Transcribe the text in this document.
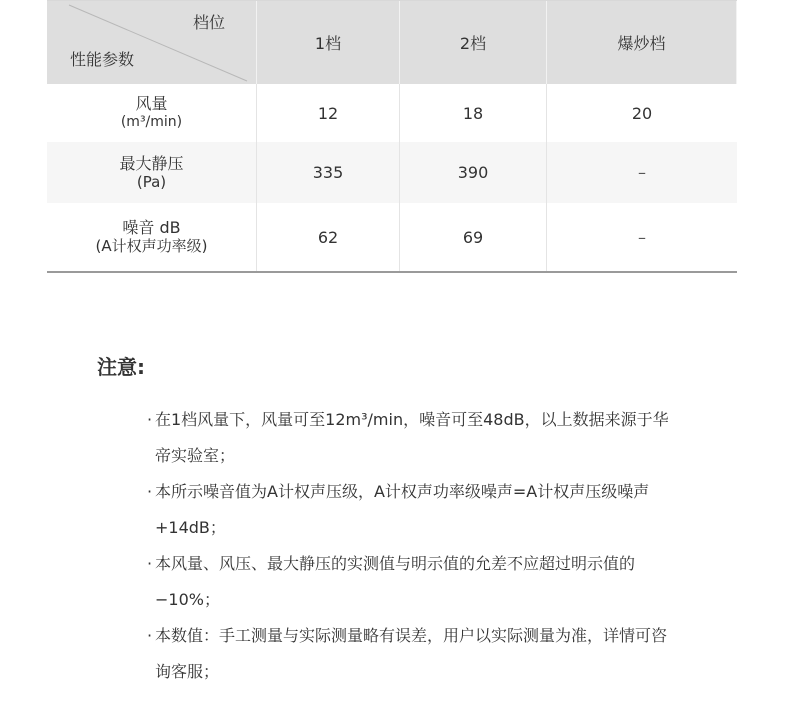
档位
性能参数
1档	2档	爆炒档
风量
(m³/min)	12	18	20
最大静压
(Pa)	335	390	–
噪音 dB
(A计权声功率级)	62	69	–
注意:
· 在1档风量下，风量可至12m³/min，噪音可至48dB，以上数据来源于华帝实验室；
· 本所示噪音值为A计权声压级，A计权声功率级噪声=A计权声压级噪声+14dB；
· 本风量、风压、最大静压的实测值与明示值的允差不应超过明示值的−10%；
· 本数值：手工测量与实际测量略有误差，用户以实际测量为准，详情可咨询客服；
